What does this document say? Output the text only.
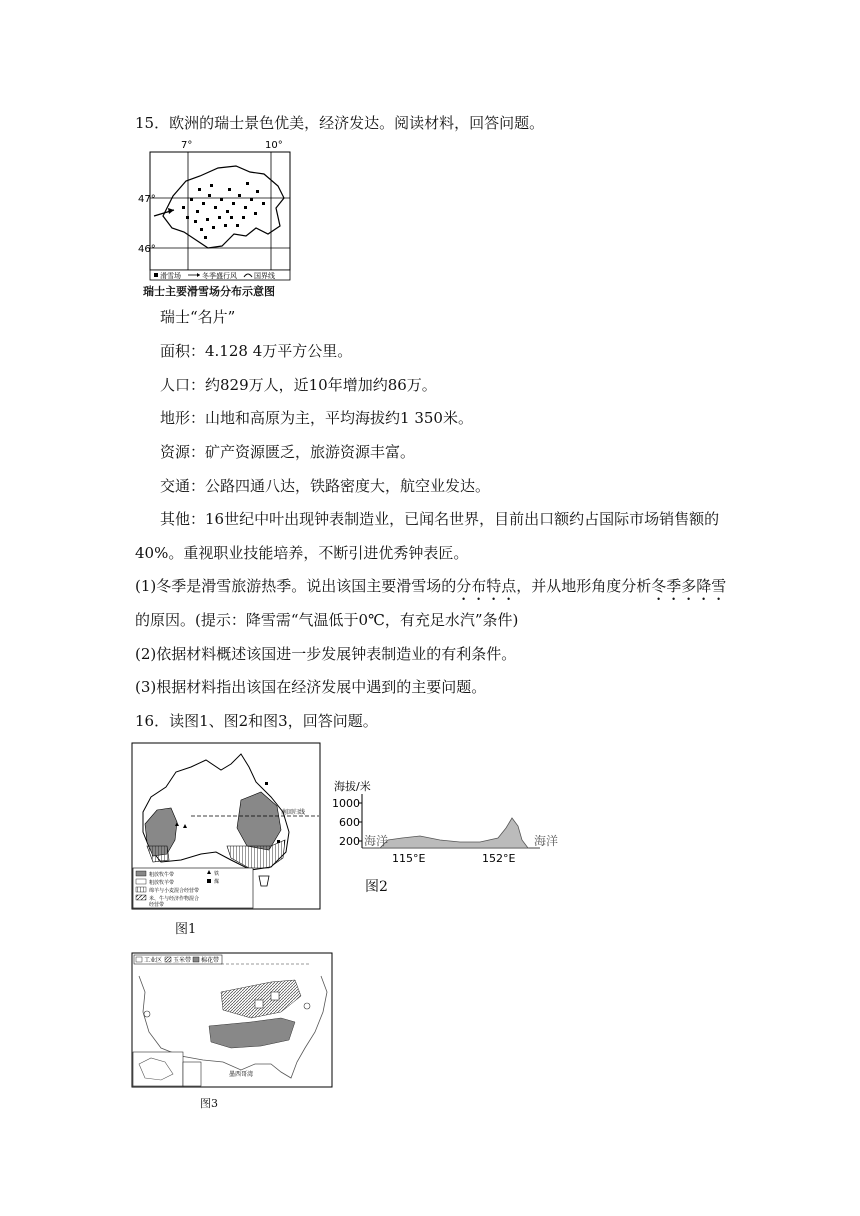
15．欧洲的瑞士景色优美，经济发达。阅读材料，回答问题。
7°	10°
47°
46°
滑雪场	冬季盛行风 国界线
瑞士主要滑雪场分布示意图
瑞士“名片”
面积：4.128 4万平方公里。
人口：约829万人，近10年增加约86万。
地形：山地和高原为主，平均海拔约1 350米。
资源：矿产资源匮乏，旅游资源丰富。
交通：公路四通八达，铁路密度大，航空业发达。
其他：16世纪中叶出现钟表制造业，已闻名世界，目前出口额约占国际市场销售额的
40%。重视职业技能培养，不断引进优秀钟表匠。
(1)冬季是滑雪旅游热季。说出该国主要滑雪场的分布特点，并从地形角度分析冬季多降雪
的原因。(提示：降雪需“气温低于0℃，有充足水汽”条件)
(2)依据材料概述该国进一步发展钟表制造业的有利条件。
(3)根据材料指出该国在经济发展中遇到的主要问题。
16．读图1、图2和图3，回答问题。
南回归线
粗放牧牛带
粗放牧羊带
绵羊与小麦混合经营带
米、牛与经济作物混合
经营带
铁
煤
图1
海拔/米
1000
600
200 海洋	海洋
115°E	152°E
图2
工业区 玉米带 棉花带
墨西哥湾
图3
